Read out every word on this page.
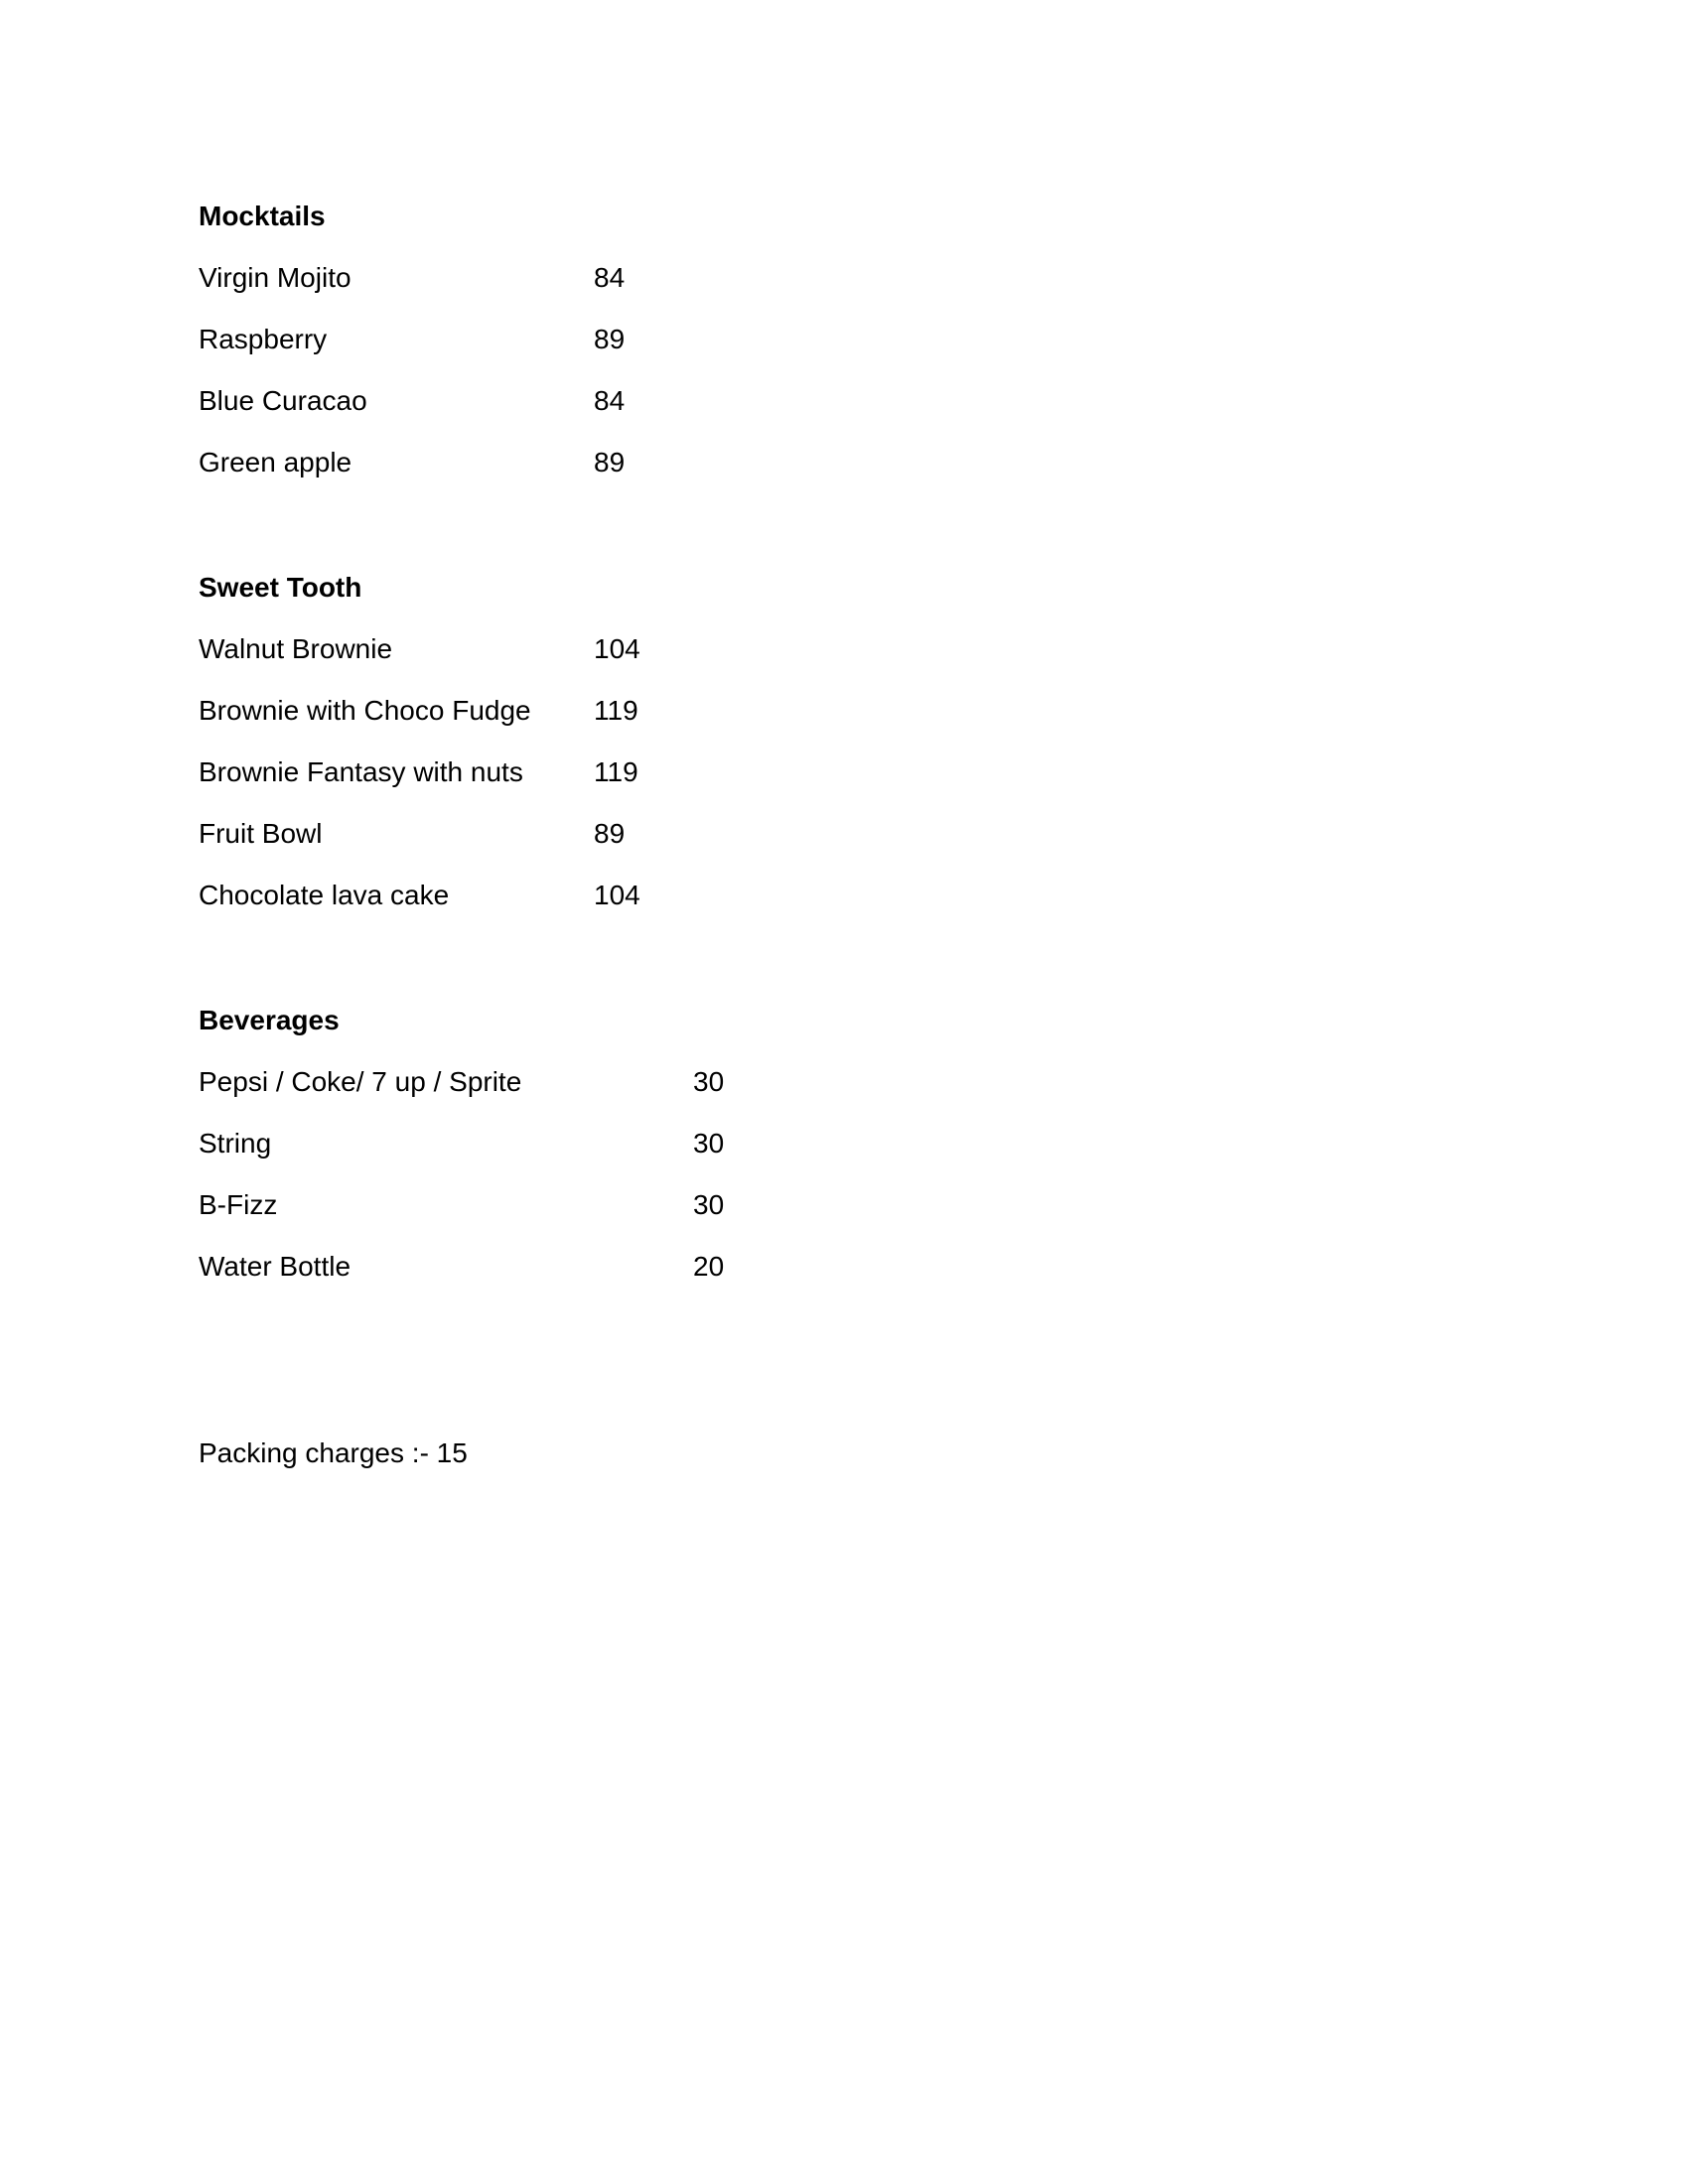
Mocktails
Virgin Mojito	84
Raspberry	89
Blue Curacao	84
Green apple	89
Sweet Tooth
Walnut Brownie	104
Brownie with Choco Fudge 119
Brownie Fantasy with nuts	119
Fruit Bowl	89
Chocolate lava cake	104
Beverages
Pepsi / Coke/ 7 up / Sprite	30
String	30
B-Fizz	30
Water Bottle	20
Packing charges :- 15
